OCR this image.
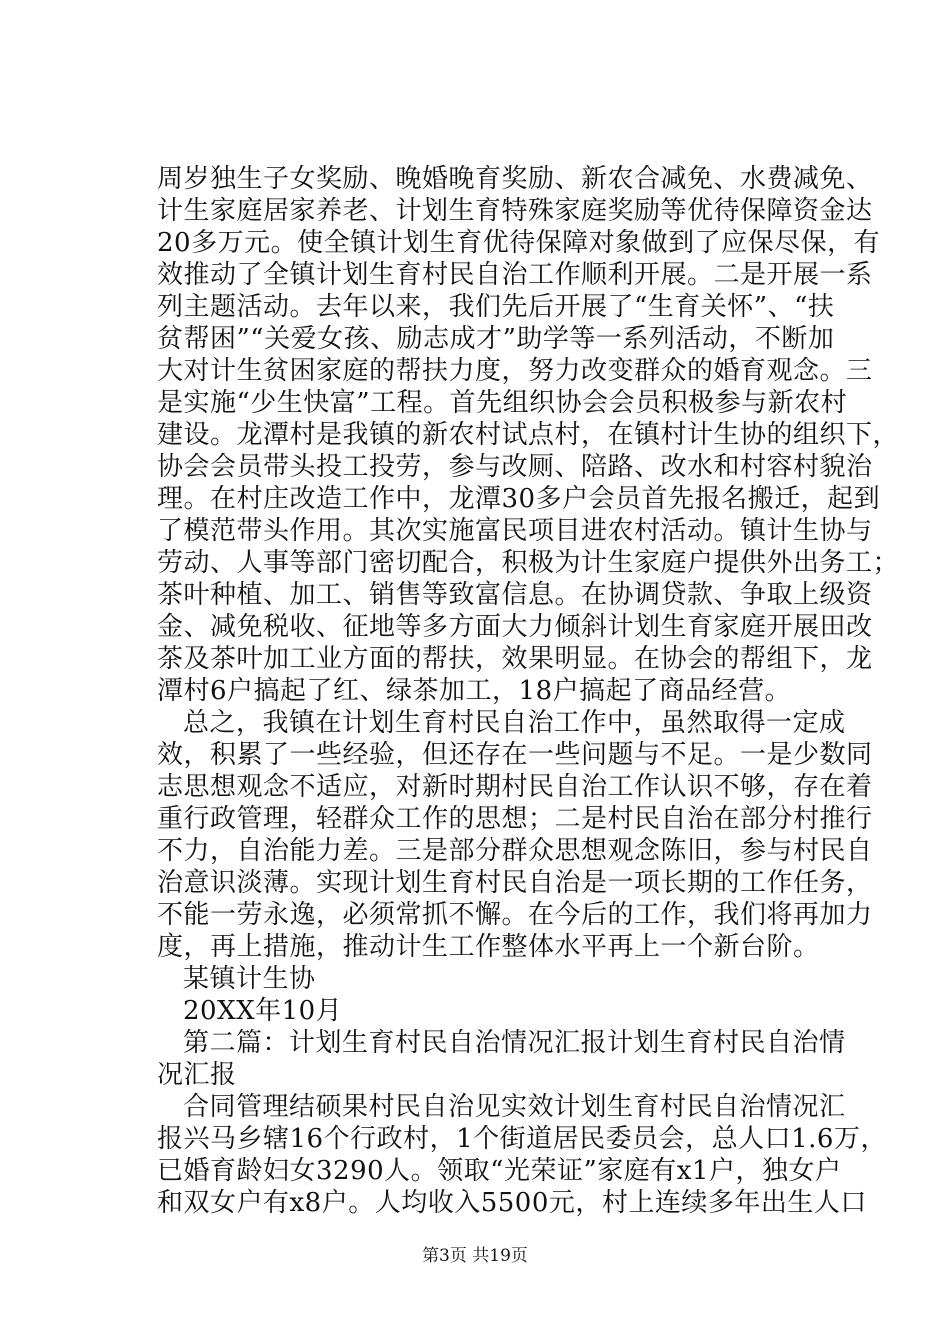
周岁独生子女奖励、晚婚晚育奖励、新农合减免、水费减免、
计生家庭居家养老、计划生育特殊家庭奖励等优待保障资金达
20多万元。使全镇计划生育优待保障对象做到了应保尽保，有
效推动了全镇计划生育村民自治工作顺利开展。二是开展一系
列主题活动。去年以来，我们先后开展了“生育关怀”、“扶
贫帮困”“关爱女孩、励志成才”助学等一系列活动，不断加
大对计生贫困家庭的帮扶力度，努力改变群众的婚育观念。三
是实施“少生快富”工程。首先组织协会会员积极参与新农村
建设。龙潭村是我镇的新农村试点村，在镇村计生协的组织下，
协会会员带头投工投劳，参与改厕、陪路、改水和村容村貌治
理。在村庄改造工作中，龙潭30多户会员首先报名搬迁，起到
了模范带头作用。其次实施富民项目进农村活动。镇计生协与
劳动、人事等部门密切配合，积极为计生家庭户提供外出务工；
茶叶种植、加工、销售等致富信息。在协调贷款、争取上级资
金、减免税收、征地等多方面大力倾斜计划生育家庭开展田改
茶及茶叶加工业方面的帮扶，效果明显。在协会的帮组下，龙
潭村6户搞起了红、绿茶加工，18户搞起了商品经营。
总之，我镇在计划生育村民自治工作中，虽然取得一定成
效，积累了一些经验，但还存在一些问题与不足。一是少数同
志思想观念不适应，对新时期村民自治工作认识不够，存在着
重行政管理，轻群众工作的思想；二是村民自治在部分村推行
不力，自治能力差。三是部分群众思想观念陈旧，参与村民自
治意识淡薄。实现计划生育村民自治是一项长期的工作任务，
不能一劳永逸，必须常抓不懈。在今后的工作，我们将再加力
度，再上措施，推动计生工作整体水平再上一个新台阶。
某镇计生协
20XX年10月
第二篇：计划生育村民自治情况汇报计划生育村民自治情
况汇报
合同管理结硕果村民自治见实效计划生育村民自治情况汇
报兴马乡辖16个行政村，1个街道居民委员会，总人口1.6万，
已婚育龄妇女3290人。领取“光荣证”家庭有x1户，独女户
和双女户有x8户。人均收入5500元，村上连续多年出生人口
第3页 共19页
